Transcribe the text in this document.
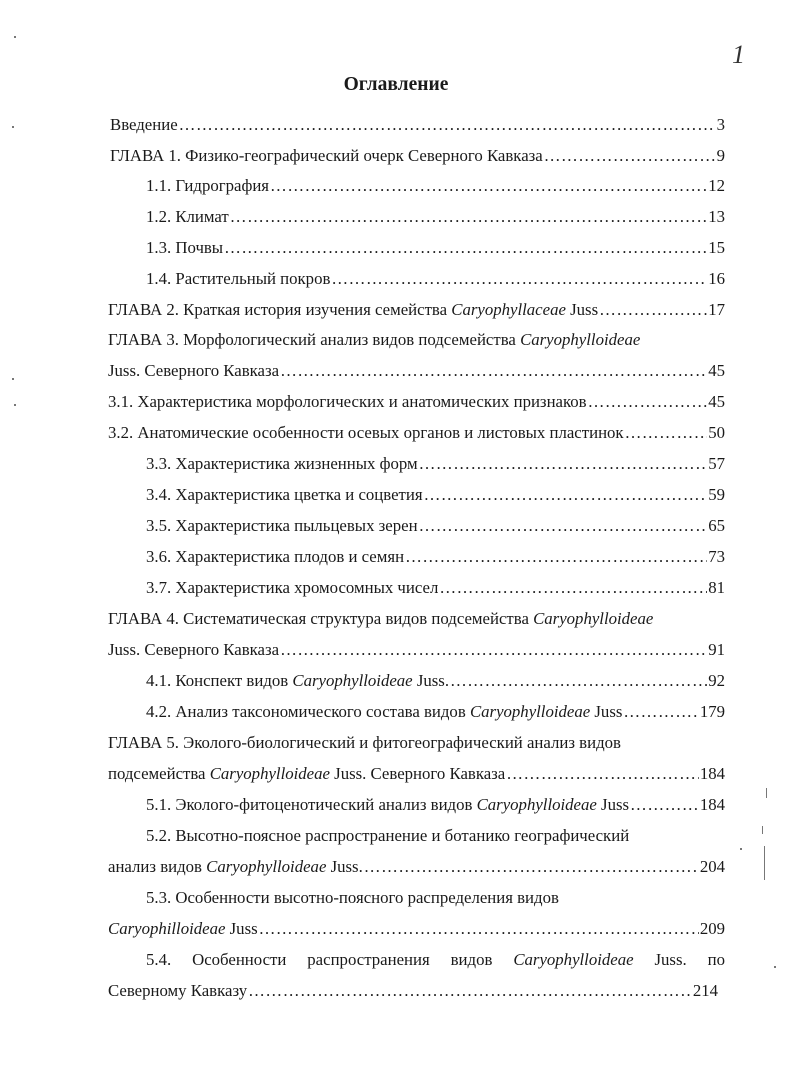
1
Оглавление
Введение ……………………………………………………………………………………………………………………………………………………………………	3
ГЛАВА 1. Физико-географический очерк Северного Кавказа ……………………………………………………………………………………………………………………………………………………………………	9
1.1. Гидрография ……………………………………………………………………………………………………………………………………………………………………	12
1.2. Климат ……………………………………………………………………………………………………………………………………………………………………	13
1.3. Почвы ……………………………………………………………………………………………………………………………………………………………………	15
1.4. Растительный покров ……………………………………………………………………………………………………………………………………………………………………	16
ГЛАВА 2. Краткая история изучения семейства Caryophyllaceae Juss ……………………………………………………………………………………………………………………………………………………………………	17
ГЛАВА 3. Морфологический анализ видов подсемейства Caryophylloideae
Juss. Северного Кавказа ……………………………………………………………………………………………………………………………………………………………………	45
3.1. Характеристика морфологических и анатомических признаков ……………………………………………………………………………………………………………………………………………………………………	45
3.2. Анатомические особенности осевых органов и листовых пластинок ……………………………………………………………………………………………………………………………………………………………………	50
3.3. Характеристика жизненных форм ……………………………………………………………………………………………………………………………………………………………………	57
3.4. Характеристика цветка и соцветия ……………………………………………………………………………………………………………………………………………………………………	59
3.5. Характеристика пыльцевых зерен ……………………………………………………………………………………………………………………………………………………………………	65
3.6. Характеристика плодов и семян ……………………………………………………………………………………………………………………………………………………………………	73
3.7. Характеристика хромосомных чисел ……………………………………………………………………………………………………………………………………………………………………	81
ГЛАВА 4. Систематическая структура видов подсемейства Caryophylloideae
Juss. Северного Кавказа ……………………………………………………………………………………………………………………………………………………………………	91
4.1. Конспект видов Caryophylloideae Juss. ……………………………………………………………………………………………………………………………………………………………………	92
4.2. Анализ таксономического состава видов Caryophylloideae Juss ……………………………………………………………………………………………………………………………………………………………………	179
ГЛАВА 5. Эколого-биологический и фитогеографический анализ видов
подсемейства Caryophylloideae Juss. Северного Кавказа ……………………………………………………………………………………………………………………………………………………………………	184
5.1. Эколого-фитоценотический анализ видов Caryophylloideae Juss ……………………………………………………………………………………………………………………………………………………………………	184
5.2. Высотно-поясное распространение и ботанико географический
анализ видов Caryophylloideae Juss. ……………………………………………………………………………………………………………………………………………………………………	204
5.3. Особенности высотно-поясного распределения видов
Caryophilloideae Juss ……………………………………………………………………………………………………………………………………………………………………	209
5.4. Особенности распространения видов Caryophylloideae Juss. по
Северному Кавказу ……………………………………………………………………………………………………………………………………………………………………	214
